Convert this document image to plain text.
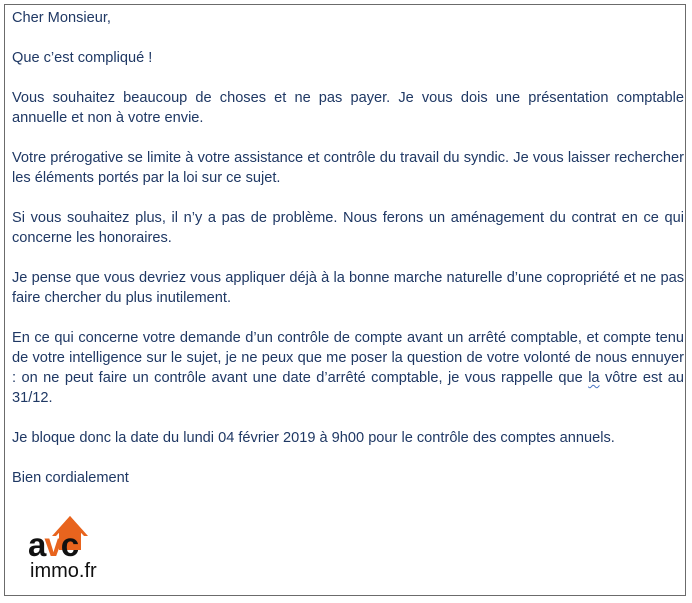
Cher Monsieur,

Que c’est compliqué !

Vous souhaitez beaucoup de choses et ne pas payer. Je vous dois une présentation comptable annuelle et non à votre envie.

Votre prérogative se limite à votre assistance et contrôle du travail du syndic. Je vous laisser rechercher les éléments portés par la loi sur ce sujet.

Si vous souhaitez plus, il n’y a pas de problème. Nous ferons un aménagement du contrat en ce qui concerne les honoraires.

Je pense que vous devriez vous appliquer déjà à la bonne marche naturelle d’une copropriété et ne pas faire chercher du plus inutilement.

En ce qui concerne votre demande d’un contrôle de compte avant un arrêté comptable, et compte tenu de votre intelligence sur le sujet, je ne peux que me poser la question de votre volonté de nous ennuyer : on ne peut faire un contrôle avant une date d’arrêté comptable, je vous rappelle que la vôtre est au 31/12.

Je bloque donc la date du lundi 04 février 2019 à 9h00 pour le contrôle des comptes annuels.

Bien cordialement

avc
immo.fr
